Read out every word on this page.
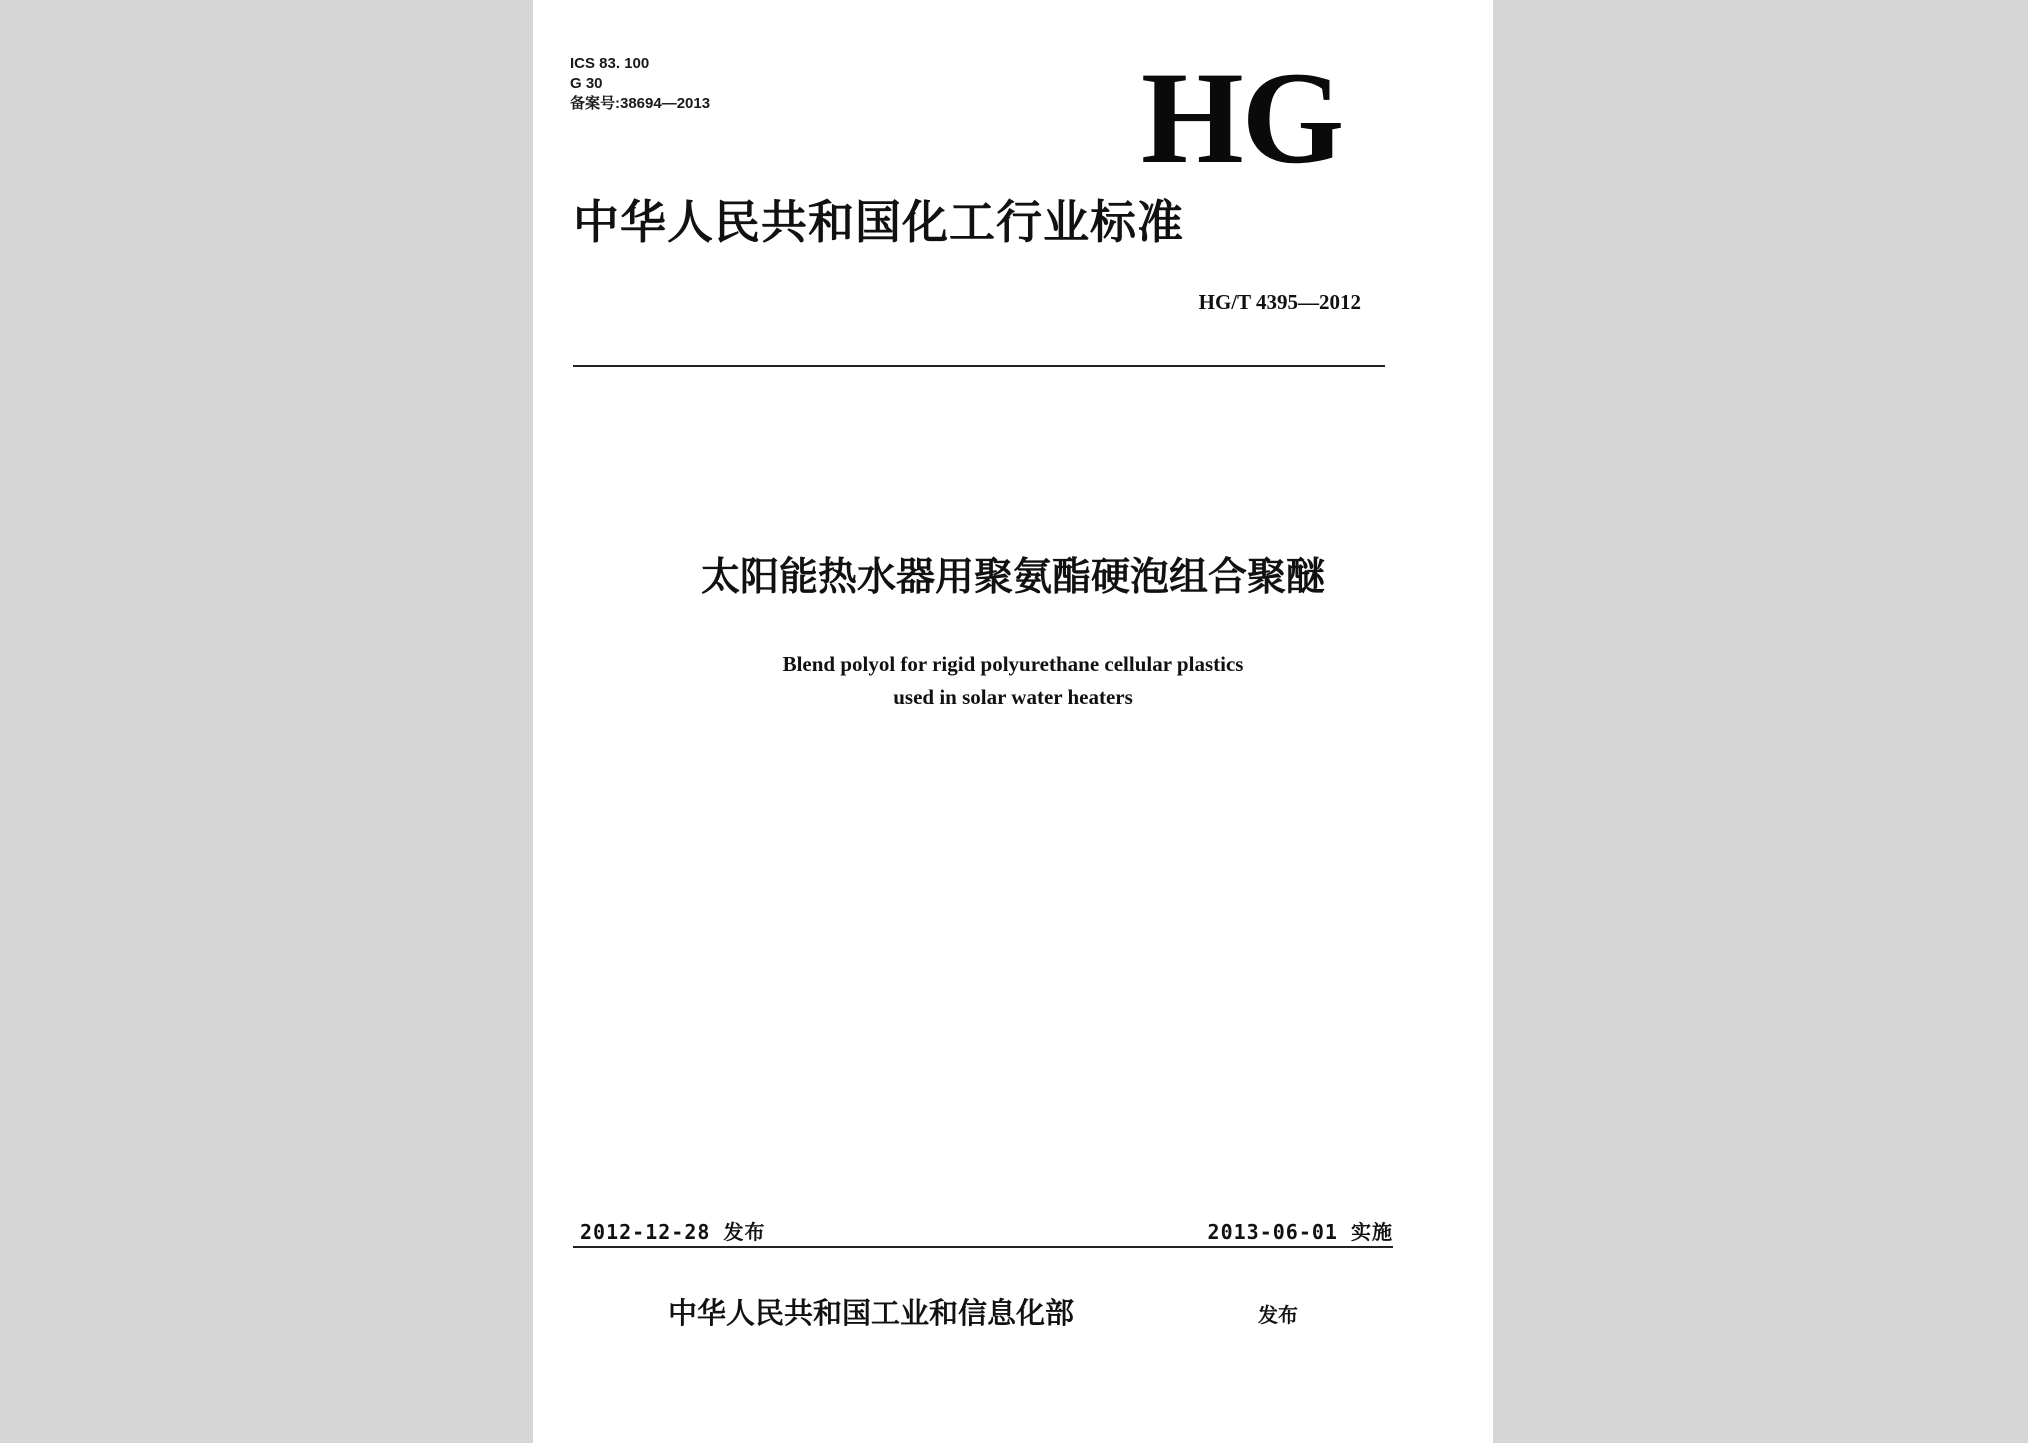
ICS 83. 100
G 30
备案号:38694—2013	HG
中华人民共和国化工行业标准
HG/T 4395—2012
太阳能热水器用聚氨酯硬泡组合聚醚
Blend polyol for rigid polyurethane cellular plastics
used in solar water heaters
2012-12-28 发布	2013-06-01 实施
中华人民共和国工业和信息化部	发布
